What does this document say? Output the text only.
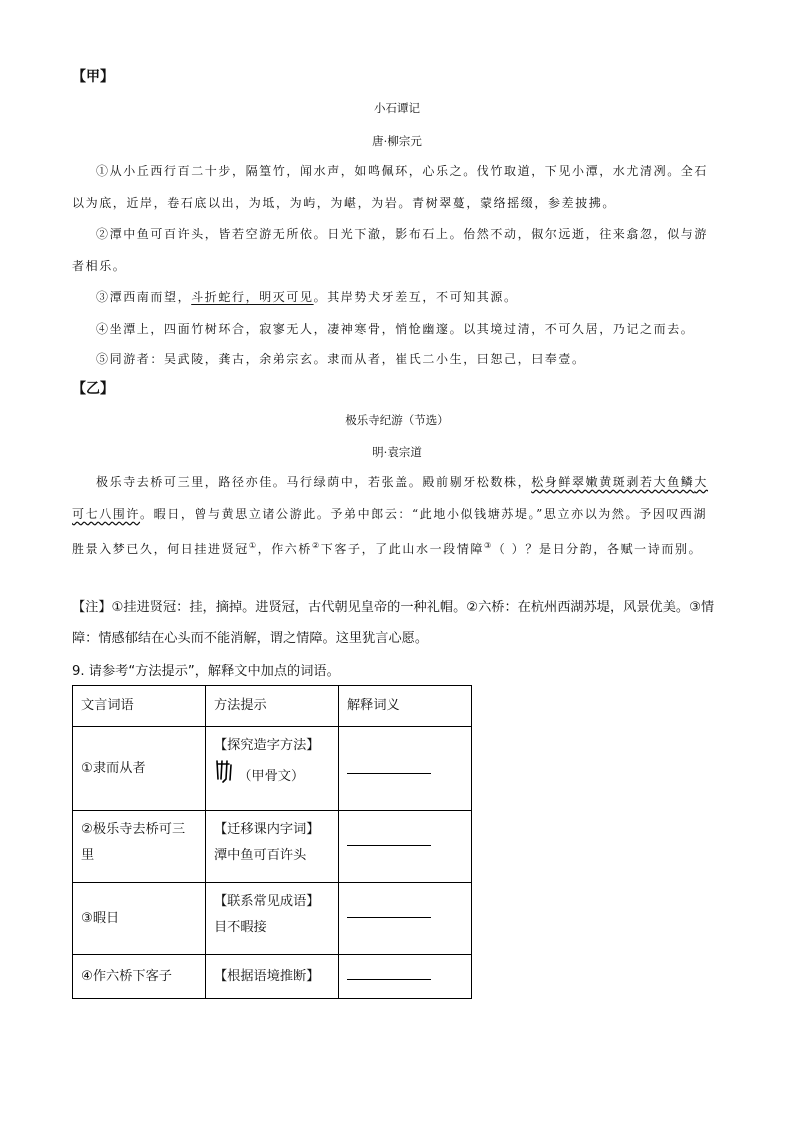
【甲】
小石谭记
唐·柳宗元

①从小丘西行百二十步，隔篁竹，闻水声，如鸣佩环，心乐之。伐竹取道，下见小潭，水尤清冽。全石以为底，近岸，卷石底以出，为坻，为屿，为嵁，为岩。青树翠蔓，蒙络摇缀，参差披拂。

②潭中鱼可百许头，皆若空游无所依。日光下澈，影布石上。佁然不动，俶尔远逝，往来翕忽，似与游者相乐。

③潭西南而望，斗折蛇行，明灭可见。其岸势犬牙差互，不可知其源。

④坐潭上，四面竹树环合，寂寥无人，凄神寒骨，悄怆幽邃。以其境过清，不可久居，乃记之而去。

⑤同游者：吴武陵，龚古，余弟宗玄。隶而从者，崔氏二小生，曰恕己，曰奉壹。

【乙】
极乐寺纪游（节选）
明·袁宗道

极乐寺去桥可三里，路径亦佳。马行绿荫中，若张盖。殿前剔牙松数株，松身鲜翠嫩黄斑剥若大鱼鳞大可七八围许。暇日，曾与黄思立诸公游此。予弟中郎云：“此地小似钱塘苏堤。”思立亦以为然。予因叹西湖胜景入梦已久，何日挂进贤冠①，作六桥②下客子，了此山水一段情障③（ ）？是日分韵，各赋一诗而别。

【注】①挂进贤冠：挂，摘掉。进贤冠，古代朝见皇帝的一种礼帽。②六桥：在杭州西湖苏堤，风景优美。③情障：情感郁结在心头而不能消解，谓之情障。这里犹言心愿。

9. 请参考“方法提示”，解释文中加点的词语。
文言词语	方法提示	解释词义
①隶而从者	【探究造字方法】
（甲骨文）	

②极乐寺去桥可三里	【迁移课内字词】
潭中鱼可百许头	

③暇日	【联系常见成语】
目不暇接	

④作六桥下客子	【根据语境推断】	
